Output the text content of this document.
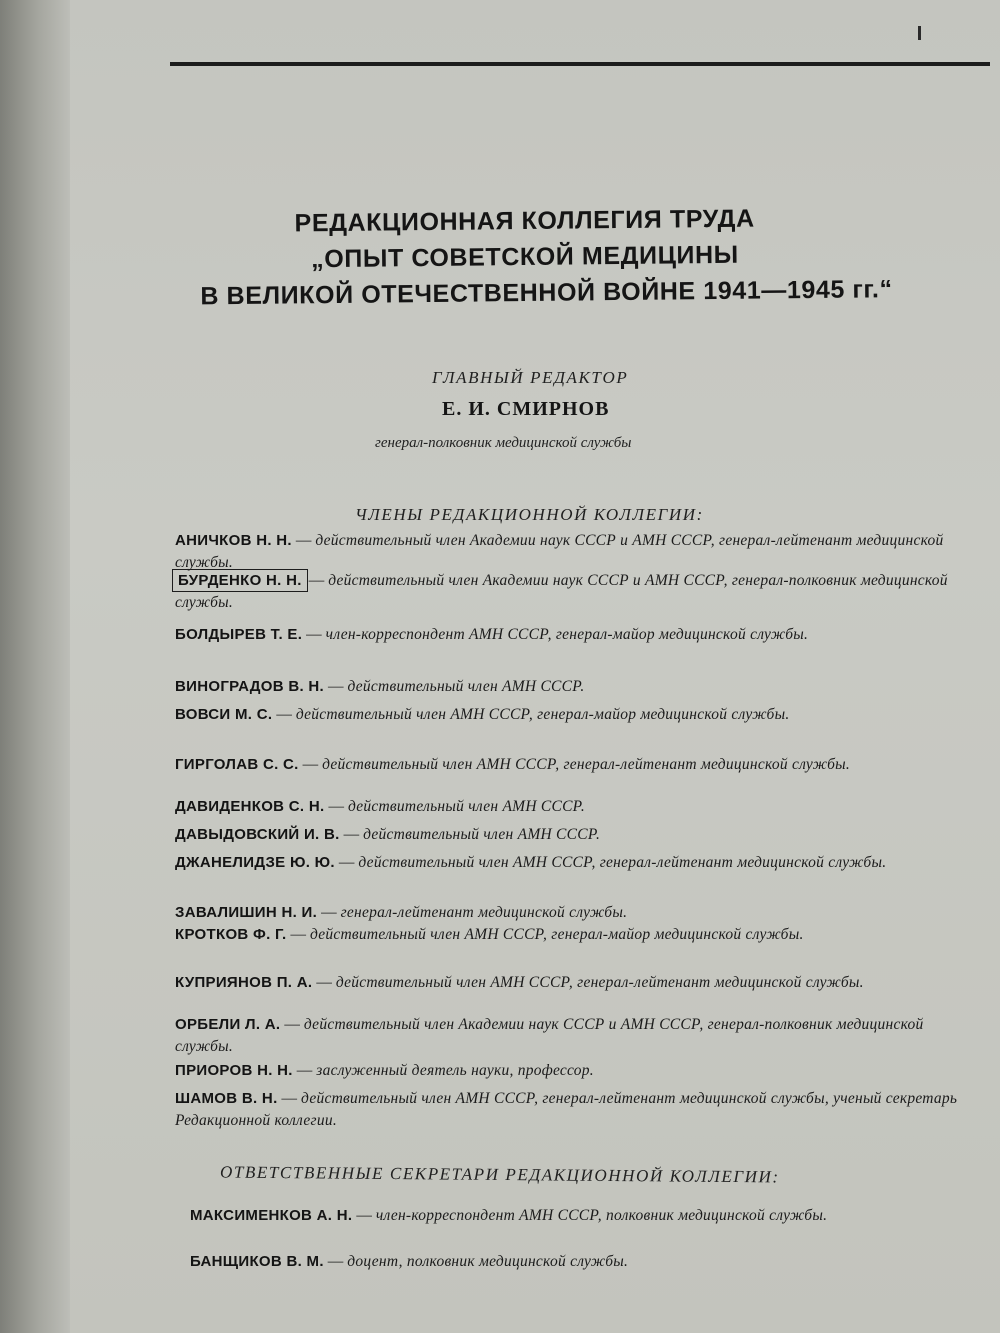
РЕДАКЦИОННАЯ КОЛЛЕГИЯ ТРУДА
„ОПЫТ СОВЕТСКОЙ МЕДИЦИНЫ
В ВЕЛИКОЙ ОТЕЧЕСТВЕННОЙ ВОЙНЕ 1941—1945 гг.“
ГЛАВНЫЙ РЕДАКТОР
Е. И. СМИРНОВ
генерал-полковник медицинской службы
ЧЛЕНЫ РЕДАКЦИОННОЙ КОЛЛЕГИИ:
АНИЧКОВ Н. Н. — действительный член Академии наук СССР и АМН СССР, генерал-лейтенант медицинской службы.
БУРДЕНКО Н. Н. — действительный член Академии наук СССР и АМН СССР, генерал-полковник медицинской службы.
БОЛДЫРЕВ Т. Е. — член-корреспондент АМН СССР, генерал-майор медицинской службы.
ВИНОГРАДОВ В. Н. — действительный член АМН СССР.
ВОВСИ М. С. — действительный член АМН СССР, генерал-майор медицинской службы.
ГИРГОЛАВ С. С. — действительный член АМН СССР, генерал-лейтенант медицинской службы.
ДАВИДЕНКОВ С. Н. — действительный член АМН СССР.
ДАВЫДОВСКИЙ И. В. — действительный член АМН СССР.
ДЖАНЕЛИДЗЕ Ю. Ю. — действительный член АМН СССР, генерал-лейтенант медицинской службы.
ЗАВАЛИШИН Н. И. — генерал-лейтенант медицинской службы.
КРОТКОВ Ф. Г. — действительный член АМН СССР, генерал-майор медицинской службы.
КУПРИЯНОВ П. А. — действительный член АМН СССР, генерал-лейтенант медицинской службы.
ОРБЕЛИ Л. А. — действительный член Академии наук СССР и АМН СССР, генерал-полковник медицинской службы.
ПРИОРОВ Н. Н. — заслуженный деятель науки, профессор.
ШАМОВ В. Н. — действительный член АМН СССР, генерал-лейтенант медицинской службы, ученый секретарь Редакционной коллегии.
ОТВЕТСТВЕННЫЕ СЕКРЕТАРИ РЕДАКЦИОННОЙ КОЛЛЕГИИ:
МАКСИМЕНКОВ А. Н. — член-корреспондент АМН СССР, полковник медицинской службы.
БАНЩИКОВ В. М. — доцент, полковник медицинской службы.
